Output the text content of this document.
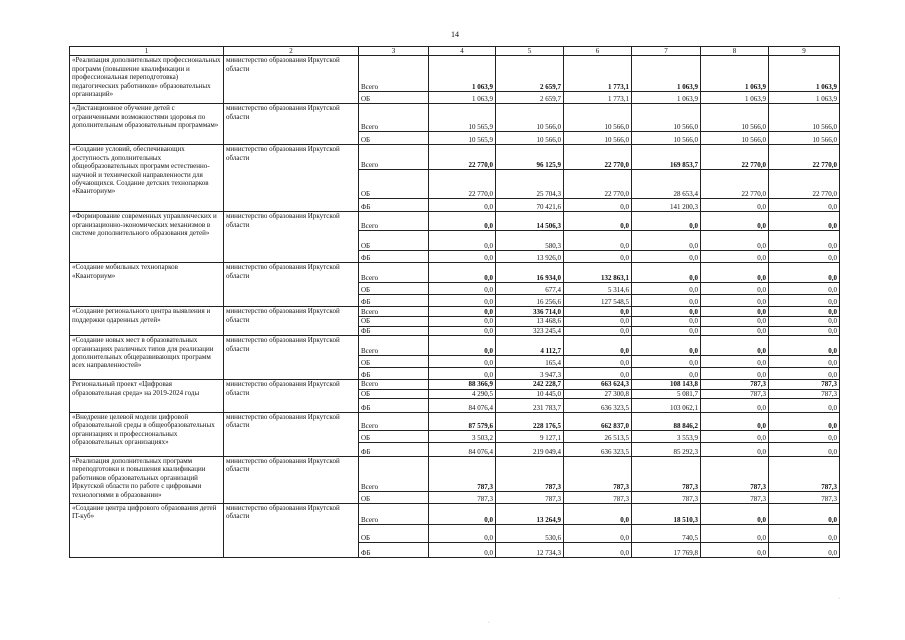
14
1	2	3	4	5	6	7	8	9
«Реализация дополнительных профессиональных программ (повышение квалификации и профессиональная переподготовка) педагогических работников» образовательных организаций»	министерство образования Иркутской области	Всего	1 063,9	2 659,7	1 773,1	1 063,9	1 063,9	1 063,9
		ОБ	1 063,9	2 659,7	1 773,1	1 063,9	1 063,9	1 063,9
«Дистанционное обучение детей с ограниченными возможностями здоровья по дополнительным образовательным программам»	министерство образования Иркутской области	Всего	10 565,9	10 566,0	10 566,0	10 566,0	10 566,0	10 566,0
		ОБ	10 565,9	10 566,0	10 566,0	10 566,0	10 566,0	10 566,0
«Создание условий, обеспечивающих доступность дополнительных общеобразовательных программ естественно-научной и технической направленности для обучающихся. Создание детских технопарков «Кванториум»	министерство образования Иркутской области	Всего	22 770,0	96 125,9	22 770,0	169 853,7	22 770,0	22 770,0
		ОБ	22 770,0	25 704,3	22 770,0	28 653,4	22 770,0	22 770,0
		ФБ	0,0	70 421,6	0,0	141 200,3	0,0	0,0
«Формирование современных управленческих и организационно-экономических механизмов в системе дополнительного образования детей»	министерство образования Иркутской области	Всего	0,0	14 506,3	0,0	0,0	0,0	0,0
		ОБ	0,0	580,3	0,0	0,0	0,0	0,0
		ФБ	0,0	13 926,0	0,0	0,0	0,0	0,0
«Создание мобильных технопарков «Кванториум»	министерство образования Иркутской области	Всего	0,0	16 934,0	132 863,1	0,0	0,0	0,0
		ОБ	0,0	677,4	5 314,6	0,0	0,0	0,0
		ФБ	0,0	16 256,6	127 548,5	0,0	0,0	0,0
«Создание регионального центра выявления и поддержки одаренных детей»	министерство образования Иркутской области	Всего	0,0	336 714,0	0,0	0,0	0,0	0,0
		ОБ	0,0	13 468,6	0,0	0,0	0,0	0,0
		ФБ	0,0	323 245,4	0,0	0,0	0,0	0,0
«Создание новых мест в образовательных организациях различных типов для реализации дополнительных общеразвивающих программ всех направленностей»	министерство образования Иркутской области	Всего	0,0	4 112,7	0,0	0,0	0,0	0,0
		ОБ	0,0	165,4	0,0	0,0	0,0	0,0
		ФБ	0,0	3 947,3	0,0	0,0	0,0	0,0
Региональный проект «Цифровая образовательная среда» на 2019-2024 годы	министерство образования Иркутской области	Всего	88 366,9	242 228,7	663 624,3	108 143,8	787,3	787,3
		ОБ	4 290,5	10 445,0	27 300,8	5 081,7	787,3	787,3
		ФБ	84 076,4	231 783,7	636 323,5	103 062,1	0,0	0,0
«Внедрение целевой модели цифровой образовательной среды в общеобразовательных организациях и профессиональных образовательных организациях»	министерство образования Иркутской области	Всего	87 579,6	228 176,5	662 837,0	88 846,2	0,0	0,0
		ОБ	3 503,2	9 127,1	26 513,5	3 553,9	0,0	0,0
		ФБ	84 076,4	219 049,4	636 323,5	85 292,3	0,0	0,0
«Реализация дополнительных программ переподготовки и повышения квалификации работников образовательных организаций Иркутской области по работе с цифровыми технологиями в образовании»	министерство образования Иркутской области	Всего	787,3	787,3	787,3	787,3	787,3	787,3
		ОБ	787,3	787,3	787,3	787,3	787,3	787,3
«Создание центра цифрового образования детей IT-куб»	министерство образования Иркутской области	Всего	0,0	13 264,9	0,0	18 510,3	0,0	0,0
		ОБ	0,0	530,6	0,0	740,5	0,0	0,0
		ФБ	0,0	12 734,3	0,0	17 769,8	0,0	0,0
·
·
